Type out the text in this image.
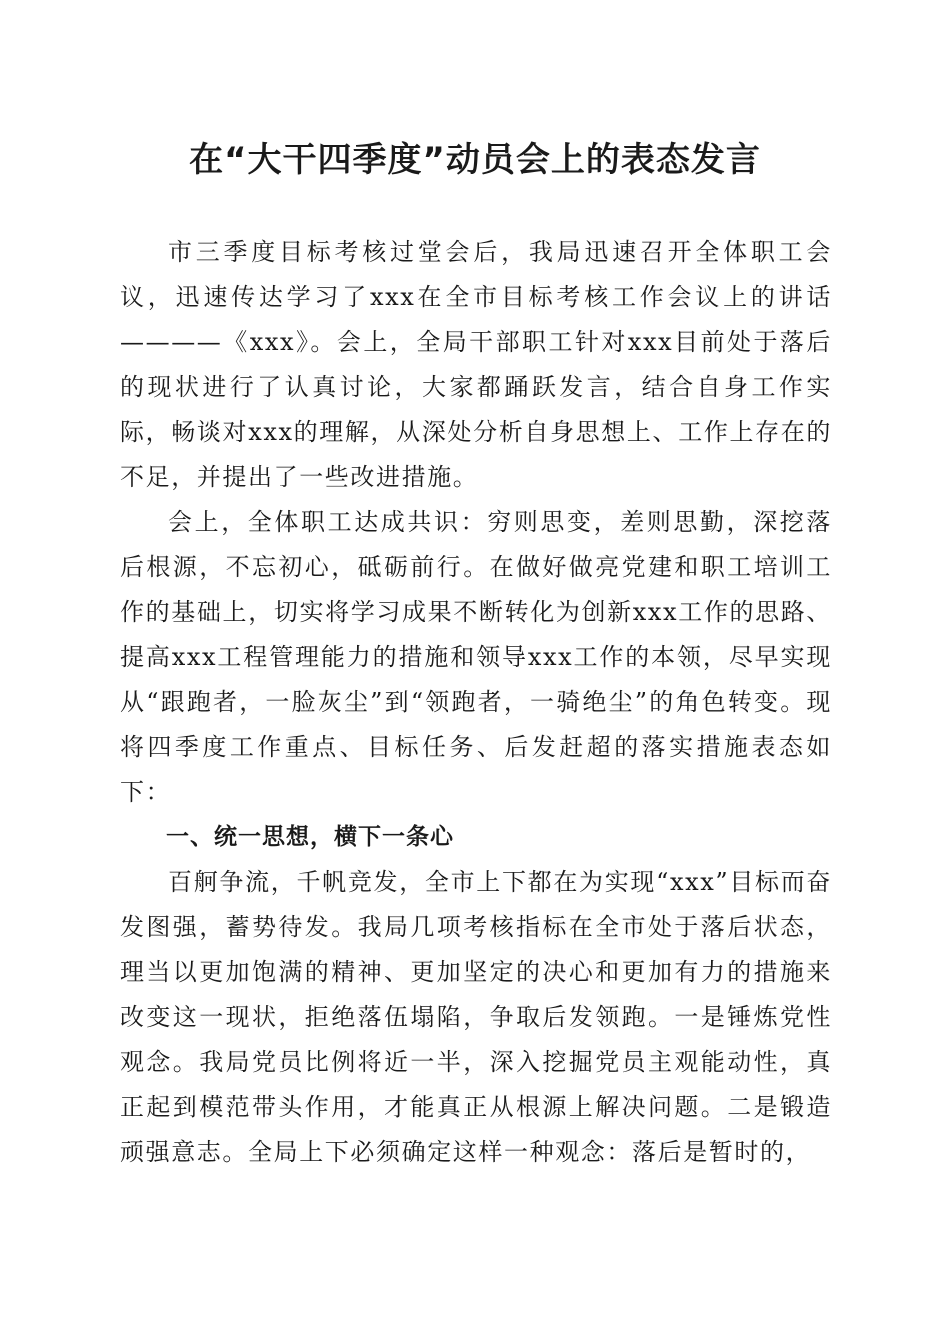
在“大干四季度”动员会上的表态发言

市三季度目标考核过堂会后，我局迅速召开全体职工会议，迅速传达学习了xxx在全市目标考核工作会议上的讲话————《xxx》。会上，全局干部职工针对xxx目前处于落后的现状进行了认真讨论，大家都踊跃发言，结合自身工作实际，畅谈对xxx的理解，从深处分析自身思想上、工作上存在的不足，并提出了一些改进措施。

会上，全体职工达成共识：穷则思变，差则思勤，深挖落后根源，不忘初心，砥砺前行。在做好做亮党建和职工培训工作的基础上，切实将学习成果不断转化为创新xxx工作的思路、提高xxx工程管理能力的措施和领导xxx工作的本领，尽早实现从“跟跑者，一脸灰尘”到“领跑者，一骑绝尘”的角色转变。现将四季度工作重点、目标任务、后发赶超的落实措施表态如下：

一、统一思想，横下一条心

百舸争流，千帆竞发，全市上下都在为实现“xxx”目标而奋发图强，蓄势待发。我局几项考核指标在全市处于落后状态，理当以更加饱满的精神、更加坚定的决心和更加有力的措施来改变这一现状，拒绝落伍塌陷，争取后发领跑。一是锤炼党性观念。我局党员比例将近一半，深入挖掘党员主观能动性，真正起到模范带头作用，才能真正从根源上解决问题。二是锻造顽强意志。全局上下必须确定这样一种观念：落后是暂时的，
